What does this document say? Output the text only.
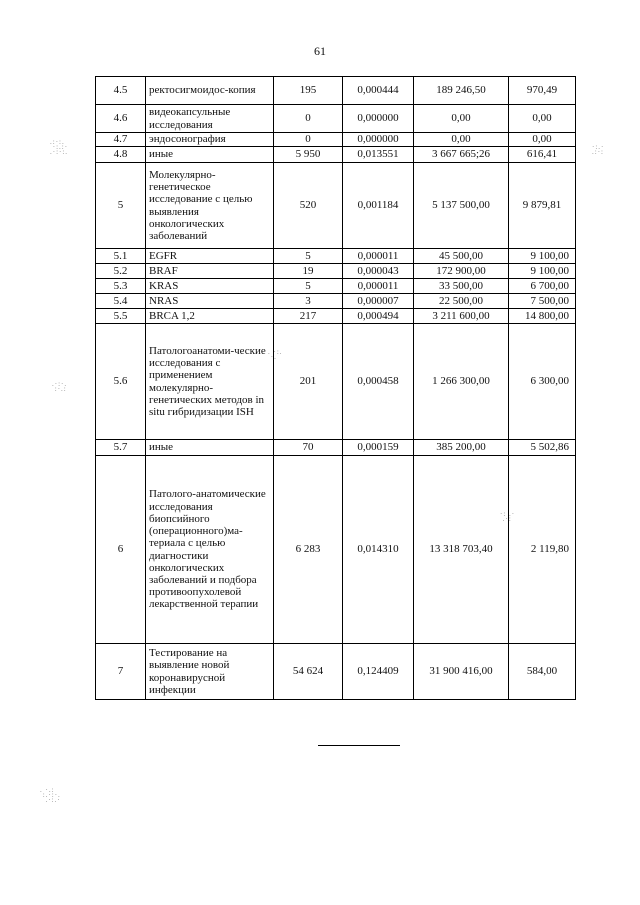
61
4.5	ректосигмоидос-копия	195	0,000444	189 246,50	970,49
4.6	видеокапсульные исследования	0	0,000000	0,00	0,00
4.7	эндосонография	0	0,000000	0,00	0,00
4.8	иные	5 950	0,013551	3 667 665;26	616,41
5	Молекулярно-генетическое исследование с целью выявления онкологических заболеваний	520	0,001184	5 137 500,00	9 879,81
5.1	EGFR	5	0,000011	45 500,00	9 100,00
5.2	BRAF	19	0,000043	172 900,00	9 100,00
5.3	KRAS	5	0,000011	33 500,00	6 700,00
5.4	NRAS	3	0,000007	22 500,00	7 500,00
5.5	BRCA 1,2	217	0,000494	3 211 600,00	14 800,00
5.6	Патологоанатоми-ческие исследования с применением молекулярно-генетических методов in situ гибридизации ISH	201	0,000458	1 266 300,00	6 300,00
5.7	иные	70	0,000159	385 200,00	5 502,86
6	Патолого-анатомические исследования биопсийного (операционного)ма-териала с целью диагностики онкологических заболеваний и подбора противоопухолевой лекарственной терапии	6 283	0,014310	13 318 703,40	2 119,80
7	Тестирование на выявление новой коронавирусной инфекции	54 624	0,124409	31 900 416,00	584,00
.:·:.
·:.:·
.·:·:.
·:.·
.:·:
.·:·.
:·.:
. ·:.
·.
·: .·
.·:
. ·.:
:.·:·.
.·:.·
